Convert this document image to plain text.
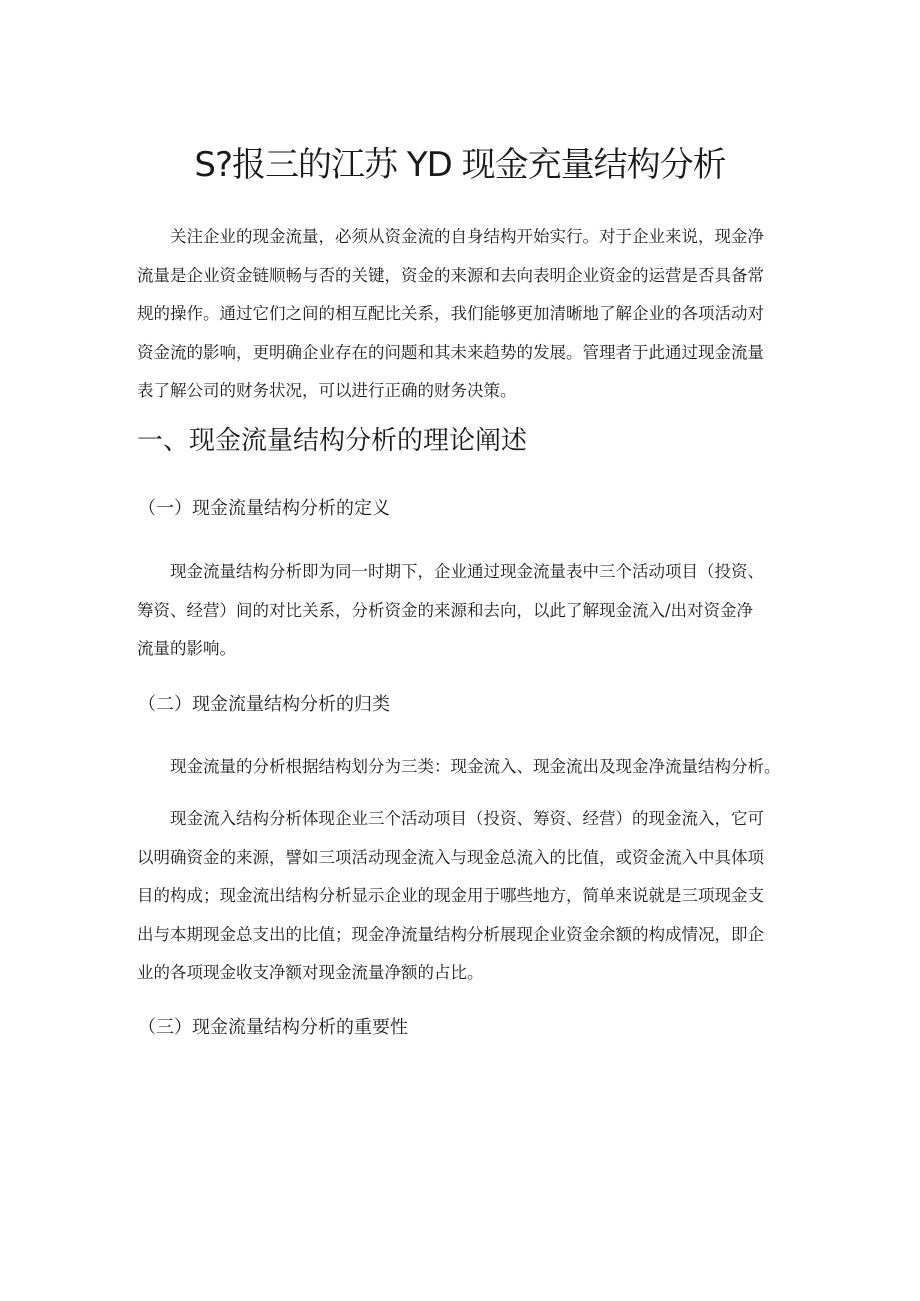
S?报三的江苏 YD 现金充量结构分析
关注企业的现金流量，必须从资金流的自身结构开始实行。对于企业来说，现金净
流量是企业资金链顺畅与否的关键，资金的来源和去向表明企业资金的运营是否具备常
规的操作。通过它们之间的相互配比关系，我们能够更加清晰地了解企业的各项活动对
资金流的影响，更明确企业存在的问题和其未来趋势的发展。管理者于此通过现金流量
表了解公司的财务状况，可以进行正确的财务决策。
一、现金流量结构分析的理论阐述
（一）现金流量结构分析的定义
现金流量结构分析即为同一时期下，企业通过现金流量表中三个活动项目（投资、
筹资、经营）间的对比关系，分析资金的来源和去向，以此了解现金流入/出对资金净
流量的影响。
（二）现金流量结构分析的归类
现金流量的分析根据结构划分为三类：现金流入、现金流出及现金净流量结构分析。
现金流入结构分析体现企业三个活动项目（投资、筹资、经营）的现金流入，它可
以明确资金的来源，譬如三项活动现金流入与现金总流入的比值，或资金流入中具体项
目的构成；现金流出结构分析显示企业的现金用于哪些地方，简单来说就是三项现金支
出与本期现金总支出的比值；现金净流量结构分析展现企业资金余额的构成情况，即企
业的各项现金收支净额对现金流量净额的占比。
（三）现金流量结构分析的重要性
